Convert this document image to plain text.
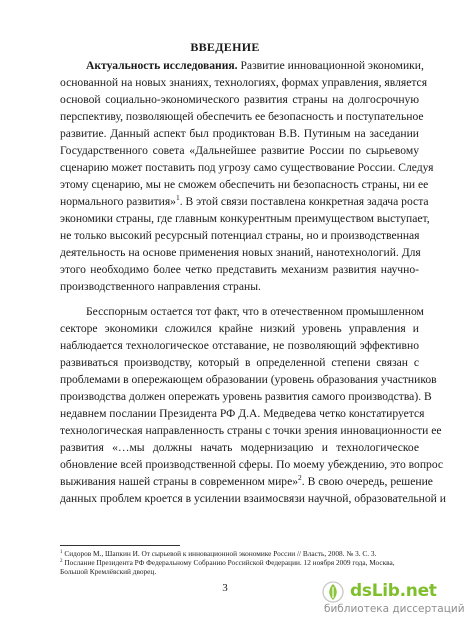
ВВЕДЕНИЕ
Актуальность исследования. Развитие инновационной экономики,
основанной на новых знаниях, технологиях, формах управления, является
основой социально-экономического развития страны на долгосрочную
перспективу, позволяющей обеспечить ее безопасность и поступательное
развитие. Данный аспект был продиктован В.В. Путиным на заседании
Государственного совета «Дальнейшее развитие России по сырьевому
сценарию может поставить под угрозу само существование России. Следуя
этому сценарию, мы не сможем обеспечить ни безопасность страны, ни ее
нормального развития»$^1$. В этой связи поставлена конкретная задача роста
экономики страны, где главным конкурентным преимуществом выступает,
не только высокий ресурсный потенциал страны, но и производственная
деятельность на основе применения новых знаний, нанотехнологий. Для
этого необходимо более четко представить механизм развития научно-
производственного направления страны.
Бесспорным остается тот факт, что в отечественном промышленном
секторе экономики сложился крайне низкий уровень управления и
наблюдается технологическое отставание, не позволяющий эффективно
развиваться производству, который в определенной степени связан с
проблемами в опережающем образовании (уровень образования участников
производства должен опережать уровень развития самого производства). В
недавнем послании Президента РФ Д.А. Медведева четко констатируется
технологическая направленность страны с точки зрения инновационности ее
развития «…мы должны начать модернизацию и технологическое
обновление всей производственной сферы. По моему убеждению, это вопрос
выживания нашей страны в современном мире»$^2$. В свою очередь, решение
данных проблем кроется в усилении взаимосвязи научной, образовательной и
$^1$ Сидоров М., Шапкин И. От сырьевой к инновационной экономике России // Власть, 2008. № 3. С. 3.
$^2$ Послание Президента РФ Федеральному Собранию Российской Федерации. 12 ноября 2009 года, Москва,
Большой Кремлёвский дворец.
3	dsLib.net
библиотека диссертаций
